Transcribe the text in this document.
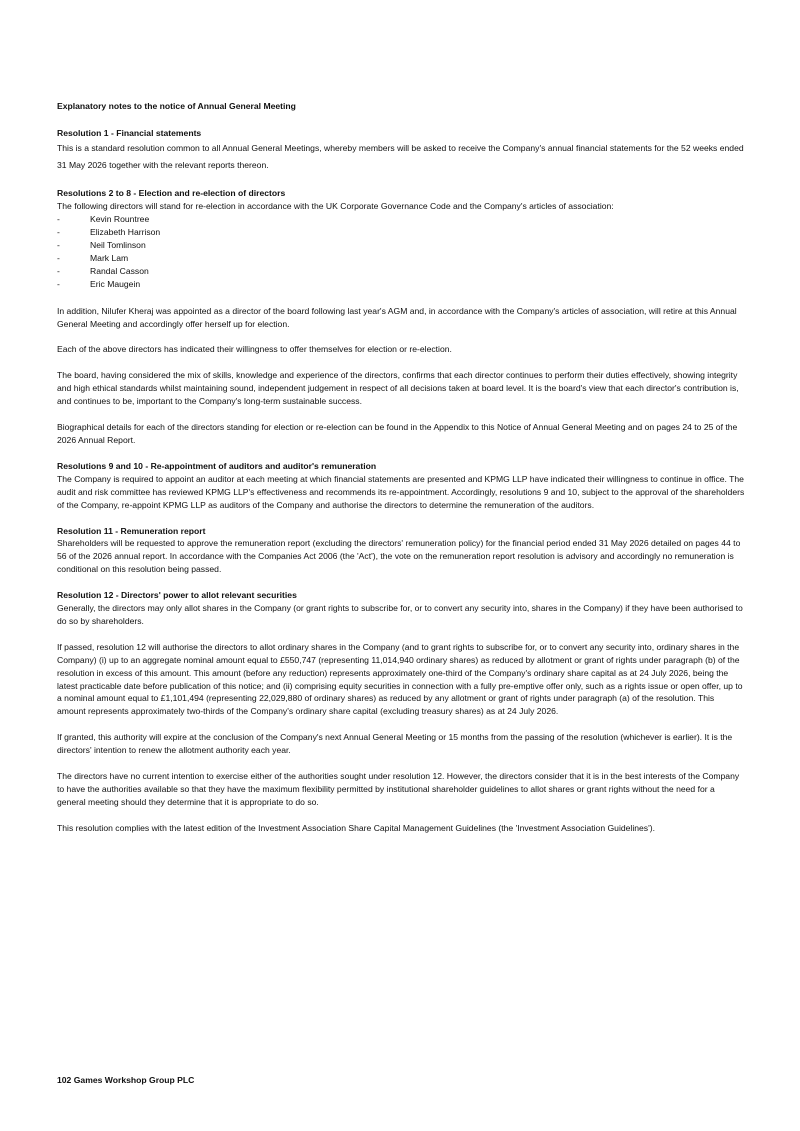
Explanatory notes to the notice of Annual General Meeting
Resolution 1 - Financial statements

This is a standard resolution common to all Annual General Meetings, whereby members will be asked to receive the Company's annual financial statements for the 52 weeks ended 31 May 2026 together with the relevant reports thereon.

Resolutions 2 to 8 - Election and re-election of directors

The following directors will stand for re-election in accordance with the UK Corporate Governance Code and the Company's articles of association:

-	Kevin Rountree
-	Elizabeth Harrison
-	Neil Tomlinson
-	Mark Lam
-	Randal Casson
-	Eric Maugein

In addition, Nilufer Kheraj was appointed as a director of the board following last year's AGM and, in accordance with the Company's articles of association, will retire at this Annual General Meeting and accordingly offer herself up for election.

Each of the above directors has indicated their willingness to offer themselves for election or re-election.

The board, having considered the mix of skills, knowledge and experience of the directors, confirms that each director continues to perform their duties effectively, showing integrity and high ethical standards whilst maintaining sound, independent judgement in respect of all decisions taken at board level. It is the board's view that each director's contribution is, and continues to be, important to the Company's long-term sustainable success.

Biographical details for each of the directors standing for election or re-election can be found in the Appendix to this Notice of Annual General Meeting and on pages 24 to 25 of the 2026 Annual Report.

Resolutions 9 and 10 - Re-appointment of auditors and auditor's remuneration

The Company is required to appoint an auditor at each meeting at which financial statements are presented and KPMG LLP have indicated their willingness to continue in office. The audit and risk committee has reviewed KPMG LLP's effectiveness and recommends its re-appointment. Accordingly, resolutions 9 and 10, subject to the approval of the shareholders of the Company, re-appoint KPMG LLP as auditors of the Company and authorise the directors to determine the remuneration of the auditors.

Resolution 11 - Remuneration report

Shareholders will be requested to approve the remuneration report (excluding the directors' remuneration policy) for the financial period ended 31 May 2026 detailed on pages 44 to 56 of the 2026 annual report. In accordance with the Companies Act 2006 (the 'Act'), the vote on the remuneration report resolution is advisory and accordingly no remuneration is conditional on this resolution being passed.

Resolution 12 - Directors' power to allot relevant securities

Generally, the directors may only allot shares in the Company (or grant rights to subscribe for, or to convert any security into, shares in the Company) if they have been authorised to do so by shareholders.

If passed, resolution 12 will authorise the directors to allot ordinary shares in the Company (and to grant rights to subscribe for, or to convert any security into, ordinary shares in the Company) (i) up to an aggregate nominal amount equal to £550,747 (representing 11,014,940 ordinary shares) as reduced by allotment or grant of rights under paragraph (b) of the resolution in excess of this amount. This amount (before any reduction) represents approximately one-third of the Company's ordinary share capital as at 24 July 2026, being the latest practicable date before publication of this notice; and (ii) comprising equity securities in connection with a fully pre-emptive offer only, such as a rights issue or open offer, up to a nominal amount equal to £1,101,494 (representing 22,029,880 of ordinary shares) as reduced by any allotment or grant of rights under paragraph (a) of the resolution. This amount represents approximately two-thirds of the Company's ordinary share capital (excluding treasury shares) as at 24 July 2026.

If granted, this authority will expire at the conclusion of the Company's next Annual General Meeting or 15 months from the passing of the resolution (whichever is earlier). It is the directors' intention to renew the allotment authority each year.

The directors have no current intention to exercise either of the authorities sought under resolution 12. However, the directors consider that it is in the best interests of the Company to have the authorities available so that they have the maximum flexibility permitted by institutional shareholder guidelines to allot shares or grant rights without the need for a general meeting should they determine that it is appropriate to do so.

This resolution complies with the latest edition of the Investment Association Share Capital Management Guidelines (the 'Investment Association Guidelines').

102 Games Workshop Group PLC
